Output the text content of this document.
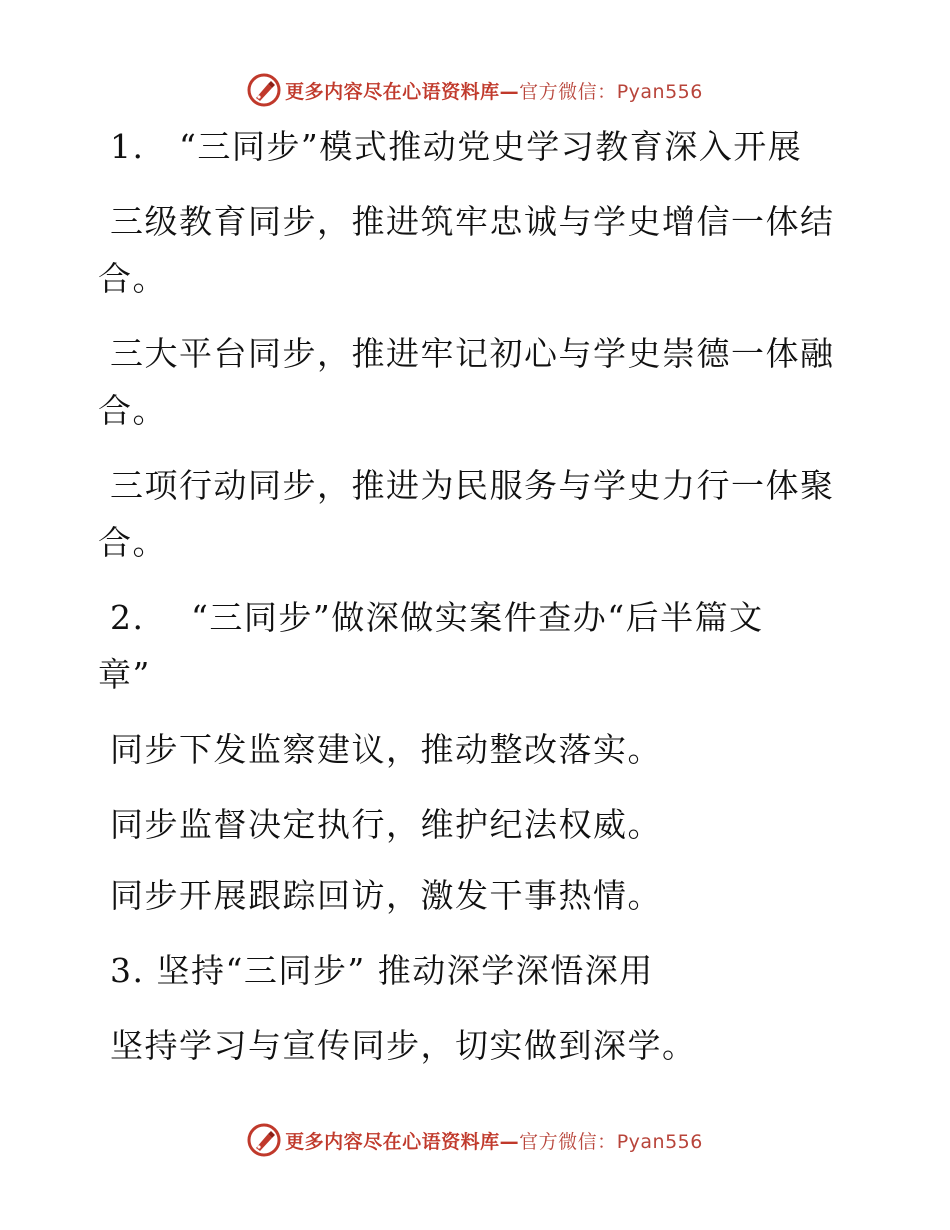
更多内容尽在心语资料库—官方微信：Pyan556
1.　“三同步”模式推动党史学习教育深入开展
三级教育同步，推进筑牢忠诚与学史增信一体结
合。
三大平台同步，推进牢记初心与学史崇德一体融
合。
三项行动同步，推进为民服务与学史力行一体聚
合。
2.　 “三同步”做深做实案件查办“后半篇文
章”
同步下发监察建议，推动整改落实。
同步监督决定执行，维护纪法权威。
同步开展跟踪回访，激发干事热情。
3. 坚持“三同步” 推动深学深悟深用
坚持学习与宣传同步，切实做到深学。
更多内容尽在心语资料库—官方微信：Pyan556
